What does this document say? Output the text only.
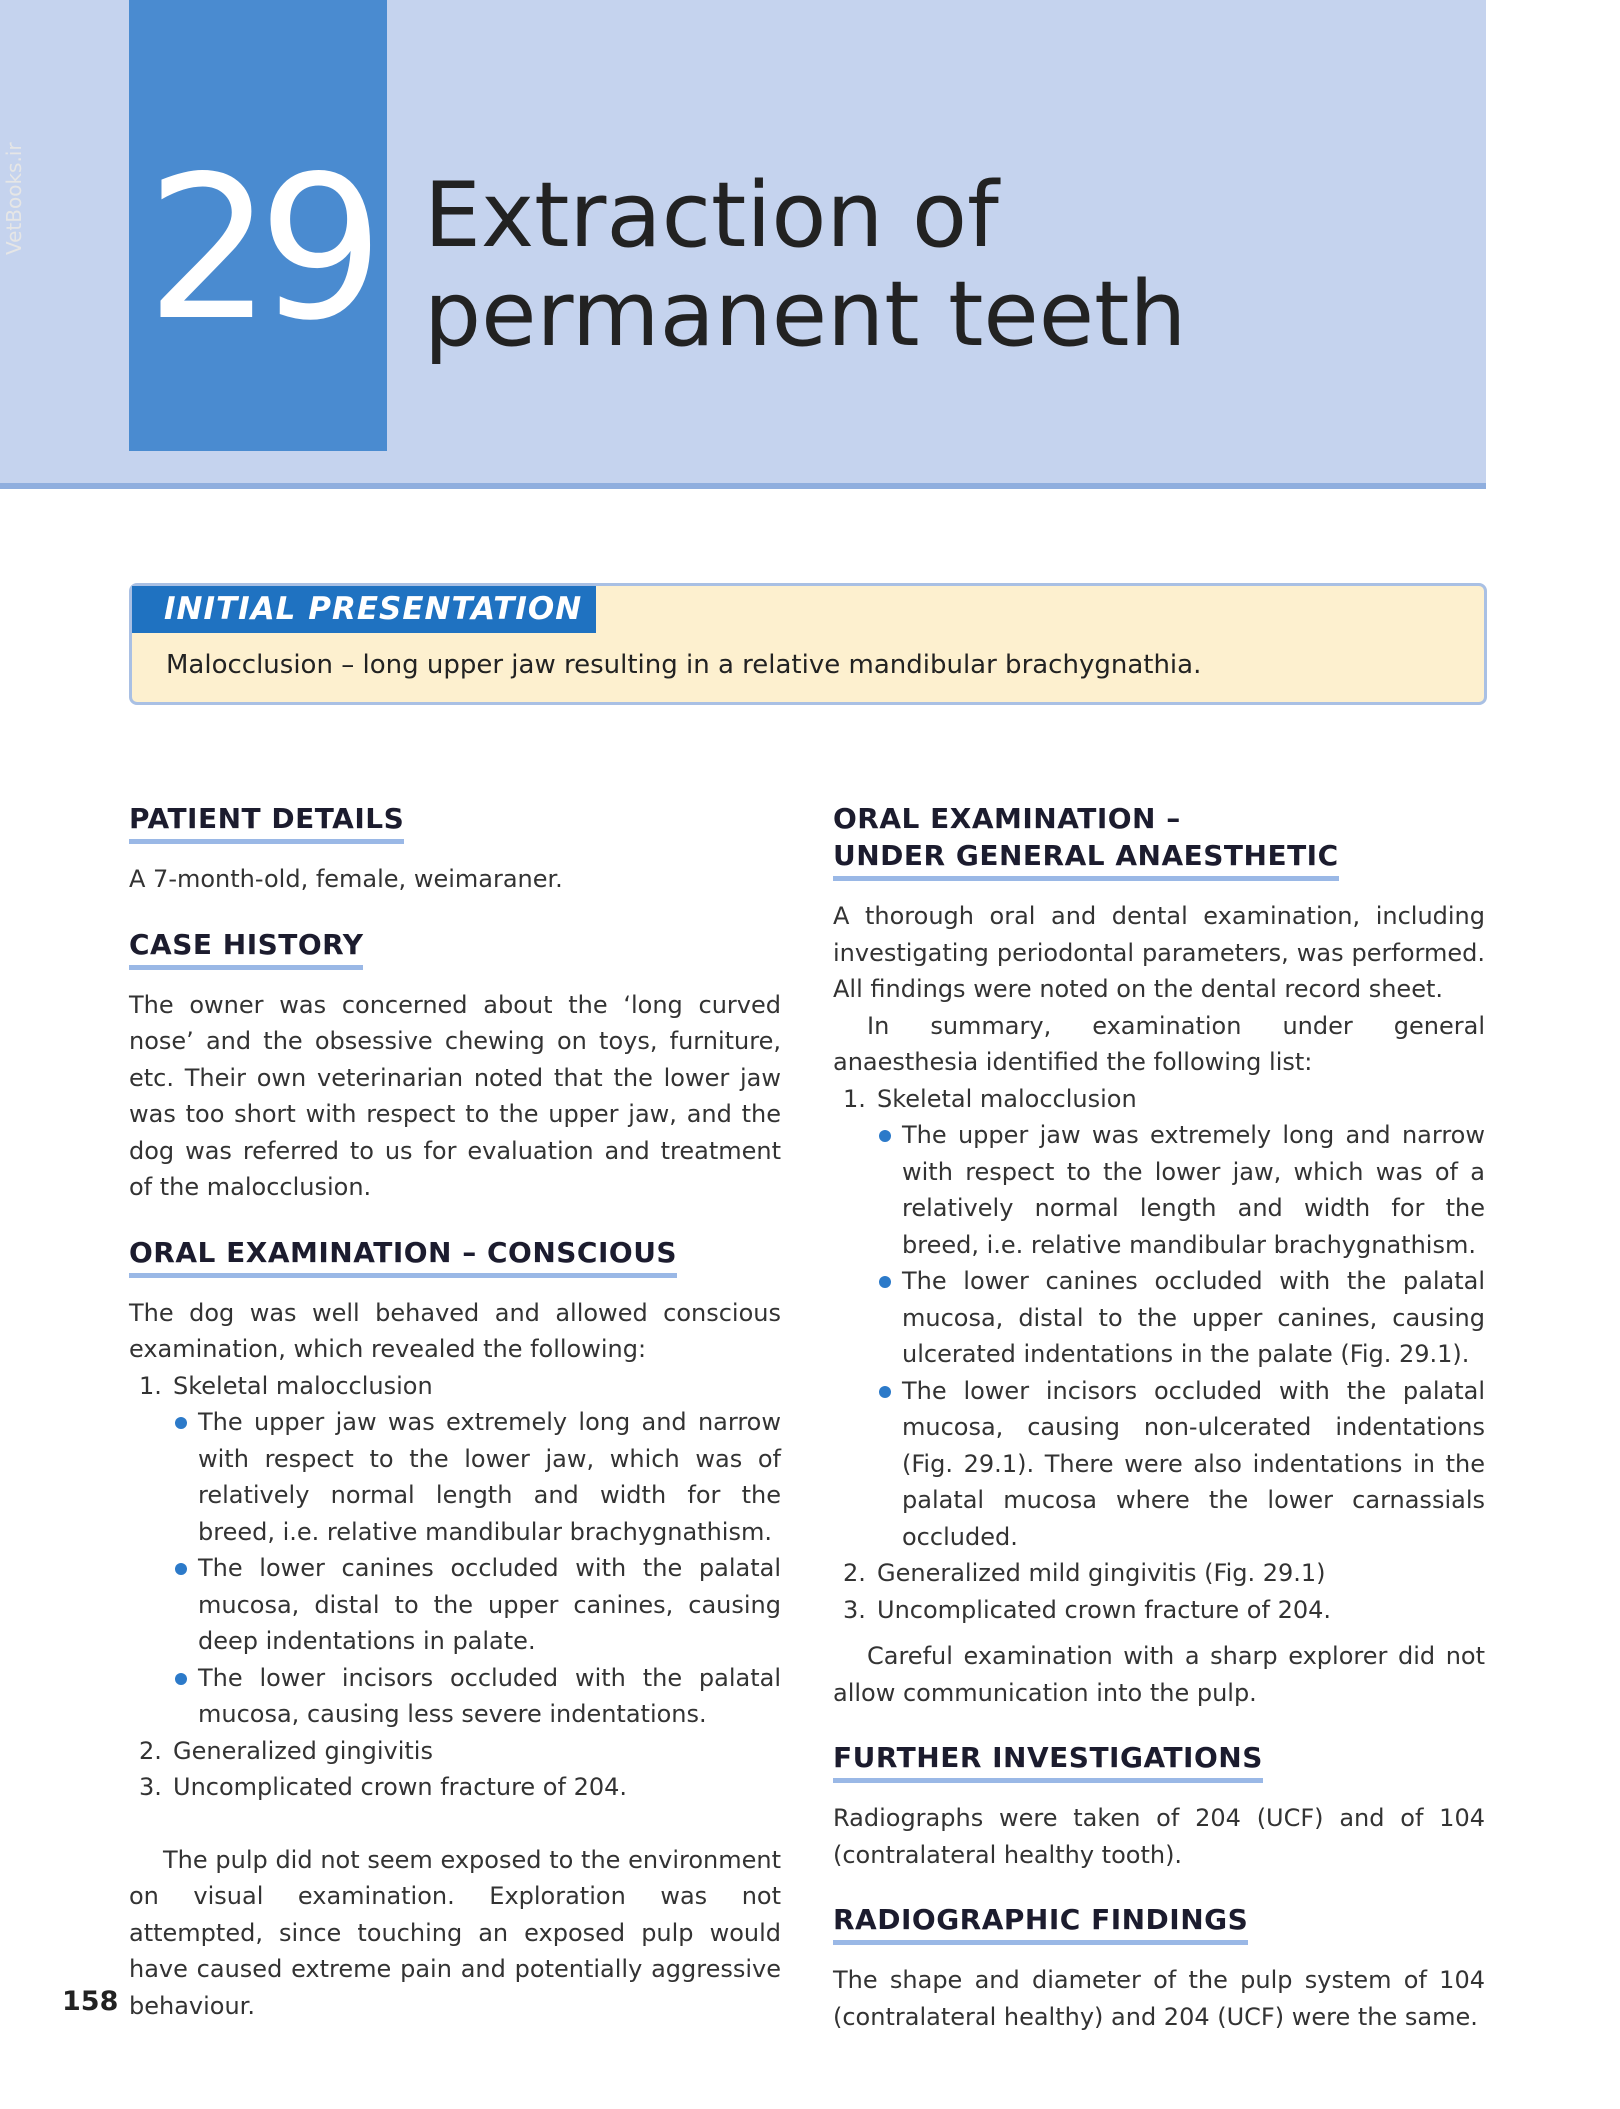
VetBooks.ir 29 Extraction of
permanent teeth
INITIAL PRESENTATION

Malocclusion – long upper jaw resulting in a relative mandibular brachygnathia.

PATIENT DETAILS

A 7-month-old, female, weimaraner.

CASE HISTORY

The owner was concerned about the ‘long curved nose’ and the obsessive chewing on toys, furniture, etc. Their own veterinarian noted that the lower jaw was too short with respect to the upper jaw, and the dog was referred to us for evaluation and treatment of the malocclusion.

ORAL EXAMINATION – CONSCIOUS

The dog was well behaved and allowed conscious examination, which revealed the following:

1. Skeletal malocclusion
The upper jaw was extremely long and narrow with respect to the lower jaw, which was of relatively normal length and width for the breed, i.e. relative mandibular brachygnathism.
The lower canines occluded with the palatal mucosa, distal to the upper canines, causing deep indentations in palate.
The lower incisors occluded with the palatal mucosa, causing less severe indentations.
2. Generalized gingivitis
3. Uncomplicated crown fracture of 204.

The pulp did not seem exposed to the environment on visual examination. Exploration was not attempted, since touching an exposed pulp would have caused extreme pain and potentially aggressive behaviour.

ORAL EXAMINATION –
UNDER GENERAL ANAESTHETIC

A thorough oral and dental examination, including investigating periodontal parameters, was performed. All findings were noted on the dental record sheet.

In summary, examination under general anaesthesia identified the following list:

1. Skeletal malocclusion
The upper jaw was extremely long and narrow with respect to the lower jaw, which was of a relatively normal length and width for the breed, i.e. relative mandibular brachygnathism.
The lower canines occluded with the palatal mucosa, distal to the upper canines, causing ulcerated indentations in the palate (Fig. 29.1).
The lower incisors occluded with the palatal mucosa, causing non-ulcerated indentations (Fig. 29.1). There were also indentations in the palatal mucosa where the lower carnassials occluded.
2. Generalized mild gingivitis (Fig. 29.1)
3. Uncomplicated crown fracture of 204.

Careful examination with a sharp explorer did not allow communication into the pulp.

FURTHER INVESTIGATIONS

Radiographs were taken of 204 (UCF) and of 104 (contralateral healthy tooth).

RADIOGRAPHIC FINDINGS

The shape and diameter of the pulp system of 104 (contralateral healthy) and 204 (UCF) were the same.

158
